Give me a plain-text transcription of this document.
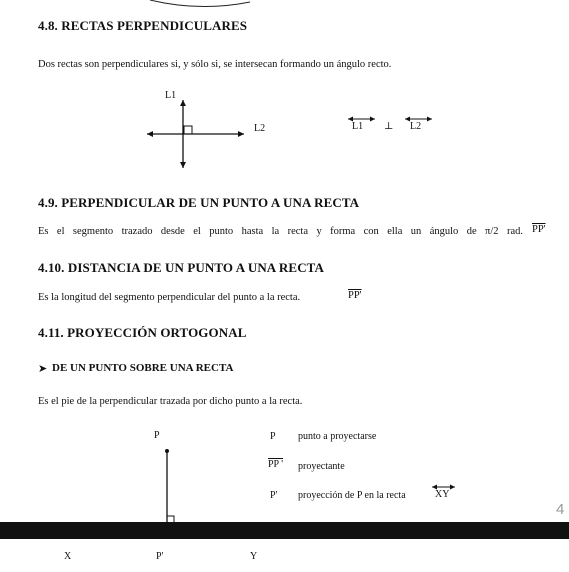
4.8. RECTAS PERPENDICULARES
Dos rectas son perpendiculares si, y sólo si, se intersecan formando un ángulo recto.
L1
L2	L1 ⊥ L2
4.9. PERPENDICULAR DE UN PUNTO A UNA RECTA
Es el segmento trazado desde el punto hasta la recta y forma con ella un ángulo de π/2 rad. PP'
4.10. DISTANCIA DE UN PUNTO A UNA RECTA
Es la longitud del segmento perpendicular del punto a la recta.	PP'
4.11. PROYECCIÓN ORTOGONAL
➤ DE UN PUNTO SOBRE UNA RECTA
Es el pie de la perpendicular trazada por dicho punto a la recta.
P
X	P'	Y
P punto a proyectarse
PP ' proyectante
P' proyección de P en la recta	XY
4
